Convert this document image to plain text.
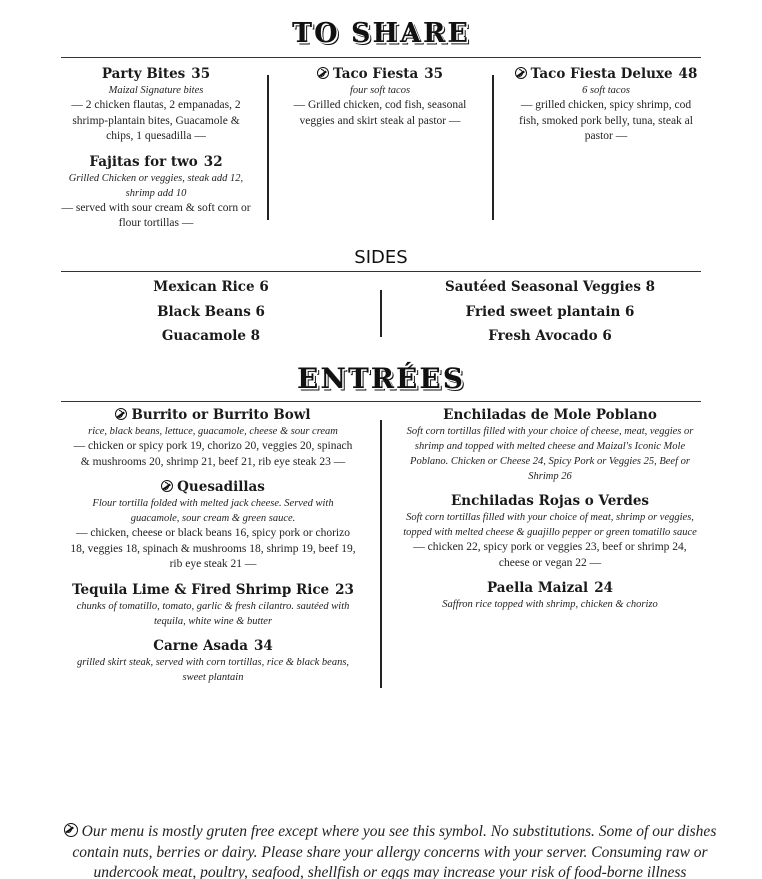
TO SHARE
Party Bites 35
Maizal Signature bites
— 2 chicken flautas, 2 empanadas, 2 shrimp-plantain bites, Guacamole & chips, 1 quesadilla —
Fajitas for two 32
Grilled Chicken or veggies, steak add 12, shrimp add 10
— served with sour cream & soft corn or flour tortillas —
Taco Fiesta 35
four soft tacos
— Grilled chicken, cod fish, seasonal veggies and skirt steak al pastor —
Taco Fiesta Deluxe 48
6 soft tacos
— grilled chicken, spicy shrimp, cod fish, smoked pork belly, tuna, steak al pastor —
SIDES
Mexican Rice 6
Black Beans 6
Guacamole 8
Sautéed Seasonal Veggies 8
Fried sweet plantain 6
Fresh Avocado 6
ENTRÉES
Burrito or Burrito Bowl
rice, black beans, lettuce, guacamole, cheese & sour cream
— chicken or spicy pork 19, chorizo 20, veggies 20, spinach & mushrooms 20, shrimp 21, beef 21, rib eye steak 23 —
Quesadillas
Flour tortilla folded with melted jack cheese. Served with guacamole, sour cream & green sauce.
— chicken, cheese or black beans 16, spicy pork or chorizo 18, veggies 18, spinach & mushrooms 18, shrimp 19, beef 19, rib eye steak 21 —
Tequila Lime & Fired Shrimp Rice 23
chunks of tomatillo, tomato, garlic & fresh cilantro. sautéed with tequila, white wine & butter
Carne Asada 34
grilled skirt steak, served with corn tortillas, rice & black beans, sweet plantain
Enchiladas de Mole Poblano
Soft corn tortillas filled with your choice of cheese, meat, veggies or shrimp and topped with melted cheese and Maizal's Iconic Mole Poblano. Chicken or Cheese 24, Spicy Pork or Veggies 25, Beef or Shrimp 26
Enchiladas Rojas o Verdes
Soft corn tortillas filled with your choice of meat, shrimp or veggies, topped with melted cheese & guajillo pepper or green tomatillo sauce
— chicken 22, spicy pork or veggies 23, beef or shrimp 24, cheese or vegan 22 —
Paella Maizal 24
Saffron rice topped with shrimp, chicken & chorizo
Our menu is mostly gruten free except where you see this symbol. No substitutions. Some of our dishes contain nuts, berries or dairy. Please share your allergy concerns with your server. Consuming raw or undercook meat, poultry, seafood, shellfish or eggs may increase your risk of food-borne illness
